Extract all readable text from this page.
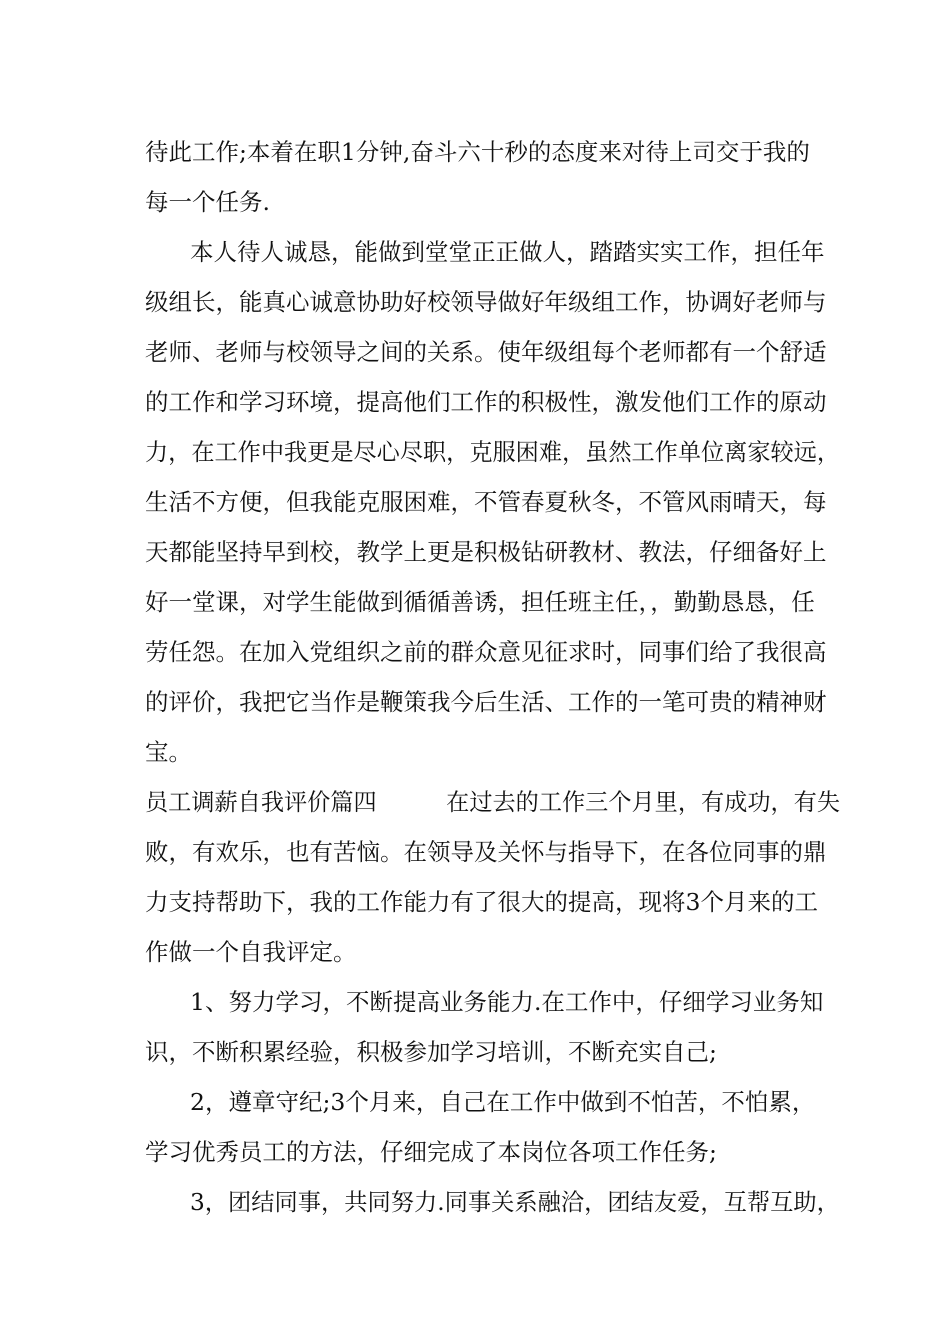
待此工作;本着在职1分钟,奋斗六十秒的态度来对待上司交于我的
每一个任务.
本人待人诚恳，能做到堂堂正正做人，踏踏实实工作，担任年
级组长，能真心诚意协助好校领导做好年级组工作，协调好老师与
老师、老师与校领导之间的关系。使年级组每个老师都有一个舒适
的工作和学习环境，提高他们工作的积极性，激发他们工作的原动
力，在工作中我更是尽心尽职，克服困难，虽然工作单位离家较远，
生活不方便，但我能克服困难，不管春夏秋冬，不管风雨晴天，每
天都能坚持早到校，教学上更是积极钻研教材、教法，仔细备好上
好一堂课，对学生能做到循循善诱，担任班主任，，勤勤恳恳，任
劳任怨。在加入党组织之前的群众意见征求时，同事们给了我很高
的评价，我把它当作是鞭策我今后生活、工作的一笔可贵的精神财
宝。
员工调薪自我评价篇四　　　在过去的工作三个月里，有成功，有失
败，有欢乐，也有苦恼。在领导及关怀与指导下，在各位同事的鼎
力支持帮助下，我的工作能力有了很大的提高，现将3个月来的工
作做一个自我评定。
1、努力学习，不断提高业务能力.在工作中，仔细学习业务知
识，不断积累经验，积极参加学习培训，不断充实自己;
2，遵章守纪;3个月来，自己在工作中做到不怕苦，不怕累，
学习优秀员工的方法，仔细完成了本岗位各项工作任务;
3，团结同事，共同努力.同事关系融洽，团结友爱，互帮互助，
